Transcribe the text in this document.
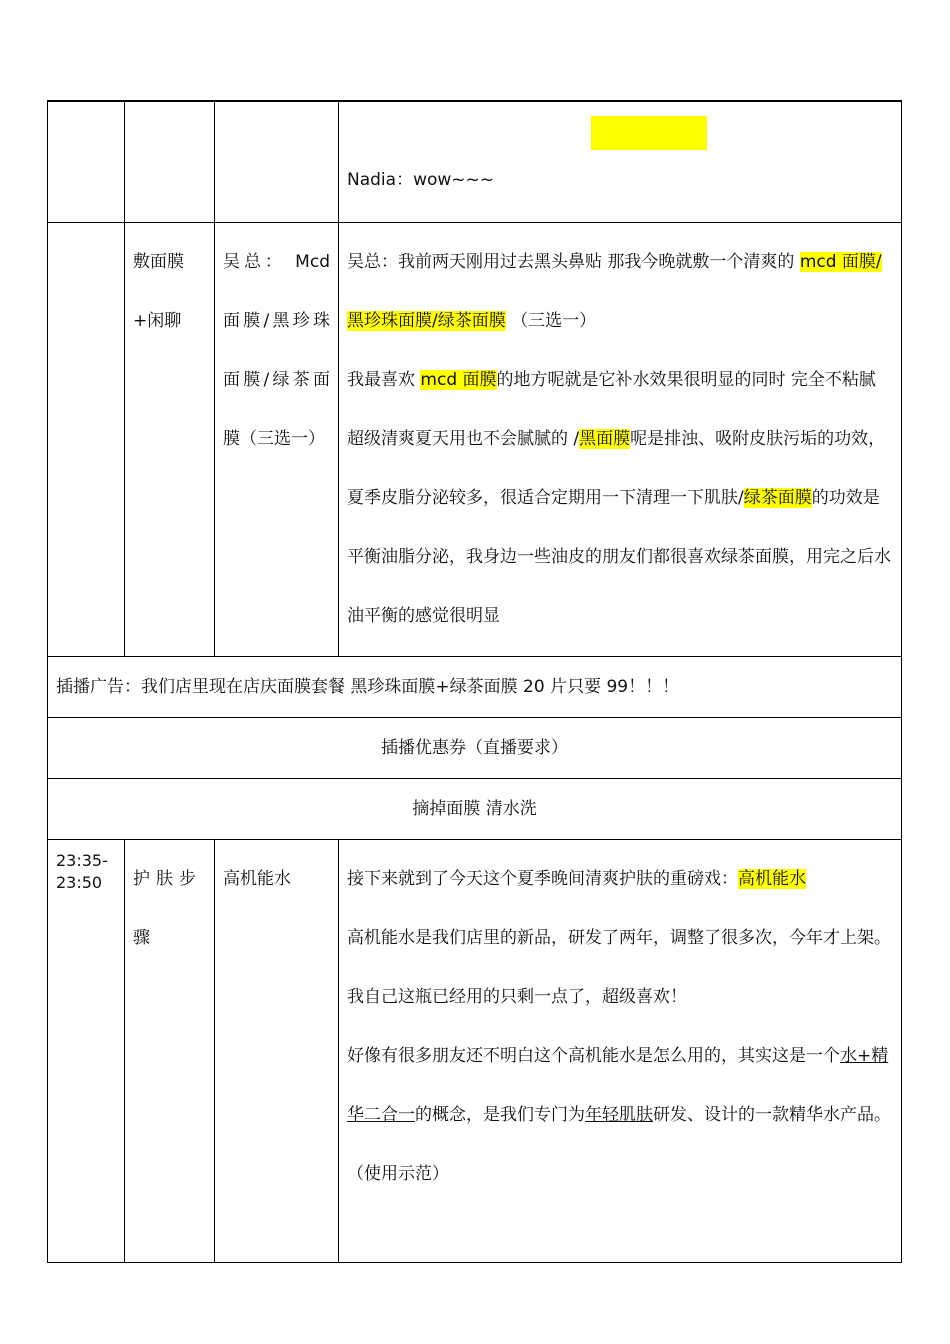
			Nadia：wow~~~

	敷面膜+闲聊	吴总： Mcd 面膜/黑珍珠面膜/绿茶面膜（三选一）	吴总：我前两天刚用过去黑头鼻贴 那我今晚就敷一个清爽的 mcd 面膜/黑珍珠面膜/绿茶面膜 （三选一）
我最喜欢 mcd 面膜的地方呢就是它补水效果很明显的同时 完全不粘腻 超级清爽夏天用也不会腻腻的 /黑面膜呢是排浊、吸附皮肤污垢的功效，夏季皮脂分泌较多，很适合定期用一下清理一下肌肤/绿茶面膜的功效是平衡油脂分泌，我身边一些油皮的朋友们都很喜欢绿茶面膜，用完之后水油平衡的感觉很明显

插播广告：我们店里现在店庆面膜套餐 黑珍珠面膜+绿茶面膜 20 片只要 99！！！			

插播优惠券（直播要求）			

摘掉面膜 清水洗			

23:35-23:50	护肤步骤	高机能水	接下来就到了今天这个夏季晚间清爽护肤的重磅戏：高机能水
高机能水是我们店里的新品，研发了两年，调整了很多次，今年才上架。我自己这瓶已经用的只剩一点了，超级喜欢！
好像有很多朋友还不明白这个高机能水是怎么用的，其实这是一个水+精华二合一的概念，是我们专门为年轻肌肤研发、设计的一款精华水产品。
（使用示范）
